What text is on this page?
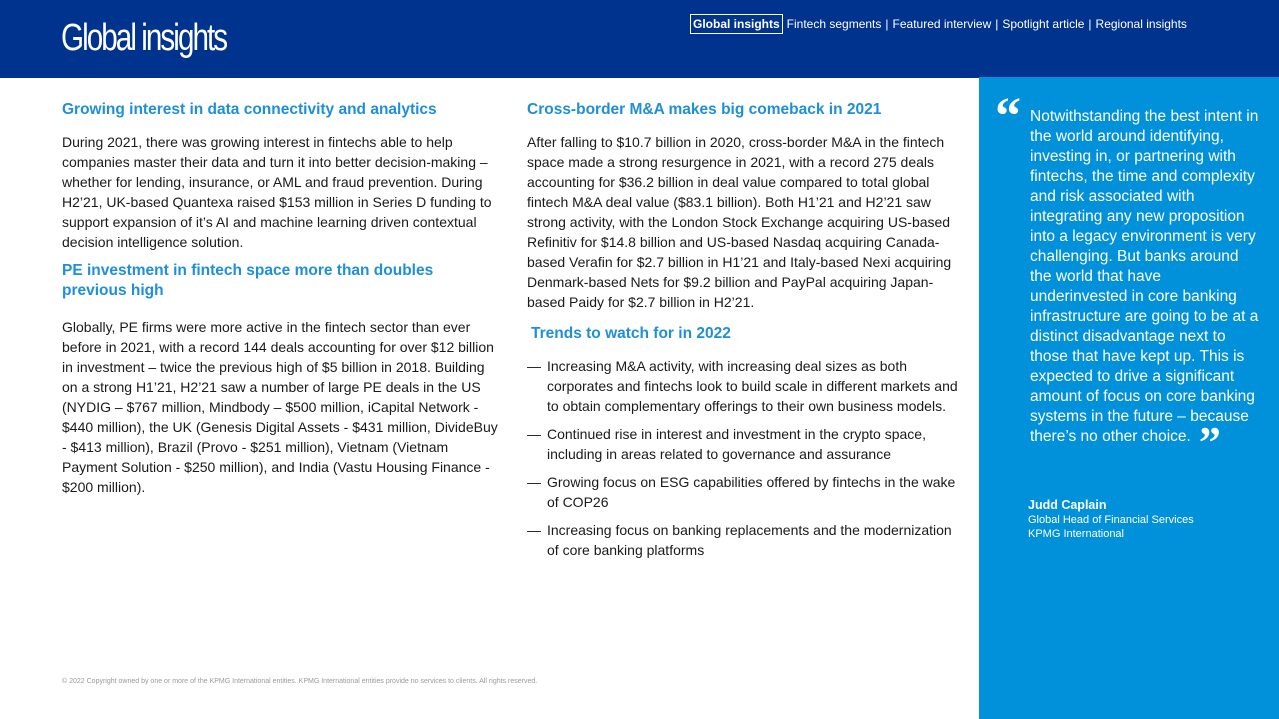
Global insights	Global insights Fintech segments | Featured interview | Spotlight article | Regional insights
Growing interest in data connectivity and analytics

During 2021, there was growing interest in fintechs able to help companies master their data and turn it into better decision-making – whether for lending, insurance, or AML and fraud prevention. During H2’21, UK-based Quantexa raised $153 million in Series D funding to support expansion of it’s AI and machine learning driven contextual decision intelligence solution.

PE investment in fintech space more than doubles previous high

Globally, PE firms were more active in the fintech sector than ever before in 2021, with a record 144 deals accounting for over $12 billion in investment – twice the previous high of $5 billion in 2018. Building on a strong H1’21, H2’21 saw a number of large PE deals in the US (NYDIG – $767 million, Mindbody – $500 million, iCapital Network - $440 million), the UK (Genesis Digital Assets - $431 million, DivideBuy - $413 million), Brazil (Provo - $251 million), Vietnam (Vietnam Payment Solution - $250 million), and India (Vastu Housing Finance - $200 million).

Cross-border M&A makes big comeback in 2021

After falling to $10.7 billion in 2020, cross-border M&A in the fintech space made a strong resurgence in 2021, with a record 275 deals accounting for $36.2 billion in deal value compared to total global fintech M&A deal value ($83.1 billion). Both H1’21 and H2’21 saw strong activity, with the London Stock Exchange acquiring US-based Refinitiv for $14.8 billion and US-based Nasdaq acquiring Canada-based Verafin for $2.7 billion in H1’21 and Italy-based Nexi acquiring Denmark-based Nets for $9.2 billion and PayPal acquiring Japan-based Paidy for $2.7 billion in H2’21.

Trends to watch for in 2022
— Increasing M&A activity, with increasing deal sizes as both corporates and fintechs look to build scale in different markets and to obtain complementary offerings to their own business models.
— Continued rise in interest and investment in the crypto space, including in areas related to governance and assurance
— Growing focus on ESG capabilities offered by fintechs in the wake of COP26
— Increasing focus on banking replacements and the modernization of core banking platforms
“ Notwithstanding the best intent in the world around identifying, investing in, or partnering with fintechs, the time and complexity and risk associated with integrating any new proposition into a legacy environment is very challenging. But banks around the world that have underinvested in core banking infrastructure are going to be at a distinct disadvantage next to those that have kept up. This is expected to drive a significant amount of focus on core banking systems in the future – because there’s no other choice. ”
Judd Caplain
Global Head of Financial Services
KPMG International
© 2022 Copyright owned by one or more of the KPMG International entities. KPMG International entities provide no services to clients. All rights reserved.
